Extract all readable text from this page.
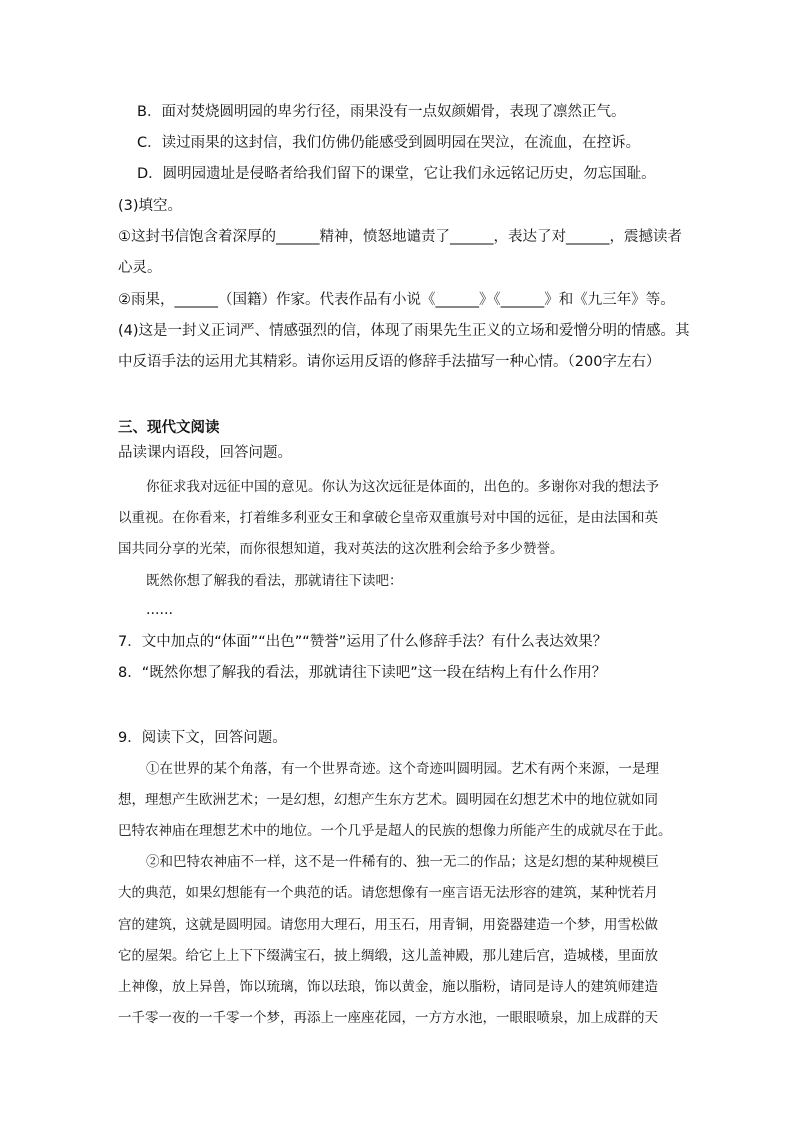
B．面对焚烧圆明园的卑劣行径，雨果没有一点奴颜媚骨，表现了凛然正气。
C．读过雨果的这封信，我们仿佛仍能感受到圆明园在哭泣，在流血，在控诉。
D．圆明园遗址是侵略者给我们留下的课堂，它让我们永远铭记历史，勿忘国耻。
(3)填空。
①这封书信饱含着深厚的______精神，愤怒地谴责了______，表达了对______，震撼读者
心灵。
②雨果，______（国籍）作家。代表作品有小说《______》《______》和《九三年》等。
(4)这是一封义正词严、情感强烈的信，体现了雨果先生正义的立场和爱憎分明的情感。其
中反语手法的运用尤其精彩。请你运用反语的修辞手法描写一种心情。（200字左右）
三、现代文阅读
品读课内语段，回答问题。
你征求我对远征中国的意见。你认为这次远征是体面的，出色的。多谢你对我的想法予
以重视。在你看来，打着维多利亚女王和拿破仑皇帝双重旗号对中国的远征，是由法国和英
国共同分享的光荣，而你很想知道，我对英法的这次胜利会给予多少赞誉。
既然你想了解我的看法，那就请往下读吧：
……
7．文中加点的“体面”“出色”“赞誉”运用了什么修辞手法？有什么表达效果？
8．“既然你想了解我的看法，那就请往下读吧”这一段在结构上有什么作用？
9．阅读下文，回答问题。
①在世界的某个角落，有一个世界奇迹。这个奇迹叫圆明园。艺术有两个来源，一是理
想，理想产生欧洲艺术；一是幻想，幻想产生东方艺术。圆明园在幻想艺术中的地位就如同
巴特农神庙在理想艺术中的地位。一个几乎是超人的民族的想像力所能产生的成就尽在于此。
②和巴特农神庙不一样，这不是一件稀有的、独一无二的作品；这是幻想的某种规模巨
大的典范，如果幻想能有一个典范的话。请您想像有一座言语无法形容的建筑，某种恍若月
宫的建筑，这就是圆明园。请您用大理石，用玉石，用青铜，用瓷器建造一个梦，用雪松做
它的屋架。给它上上下下缀满宝石，披上绸缎，这儿盖神殿，那儿建后宫，造城楼，里面放
上神像，放上异兽，饰以琉璃，饰以珐琅，饰以黄金，施以脂粉，请同是诗人的建筑师建造
一千零一夜的一千零一个梦，再添上一座座花园，一方方水池，一眼眼喷泉，加上成群的天
